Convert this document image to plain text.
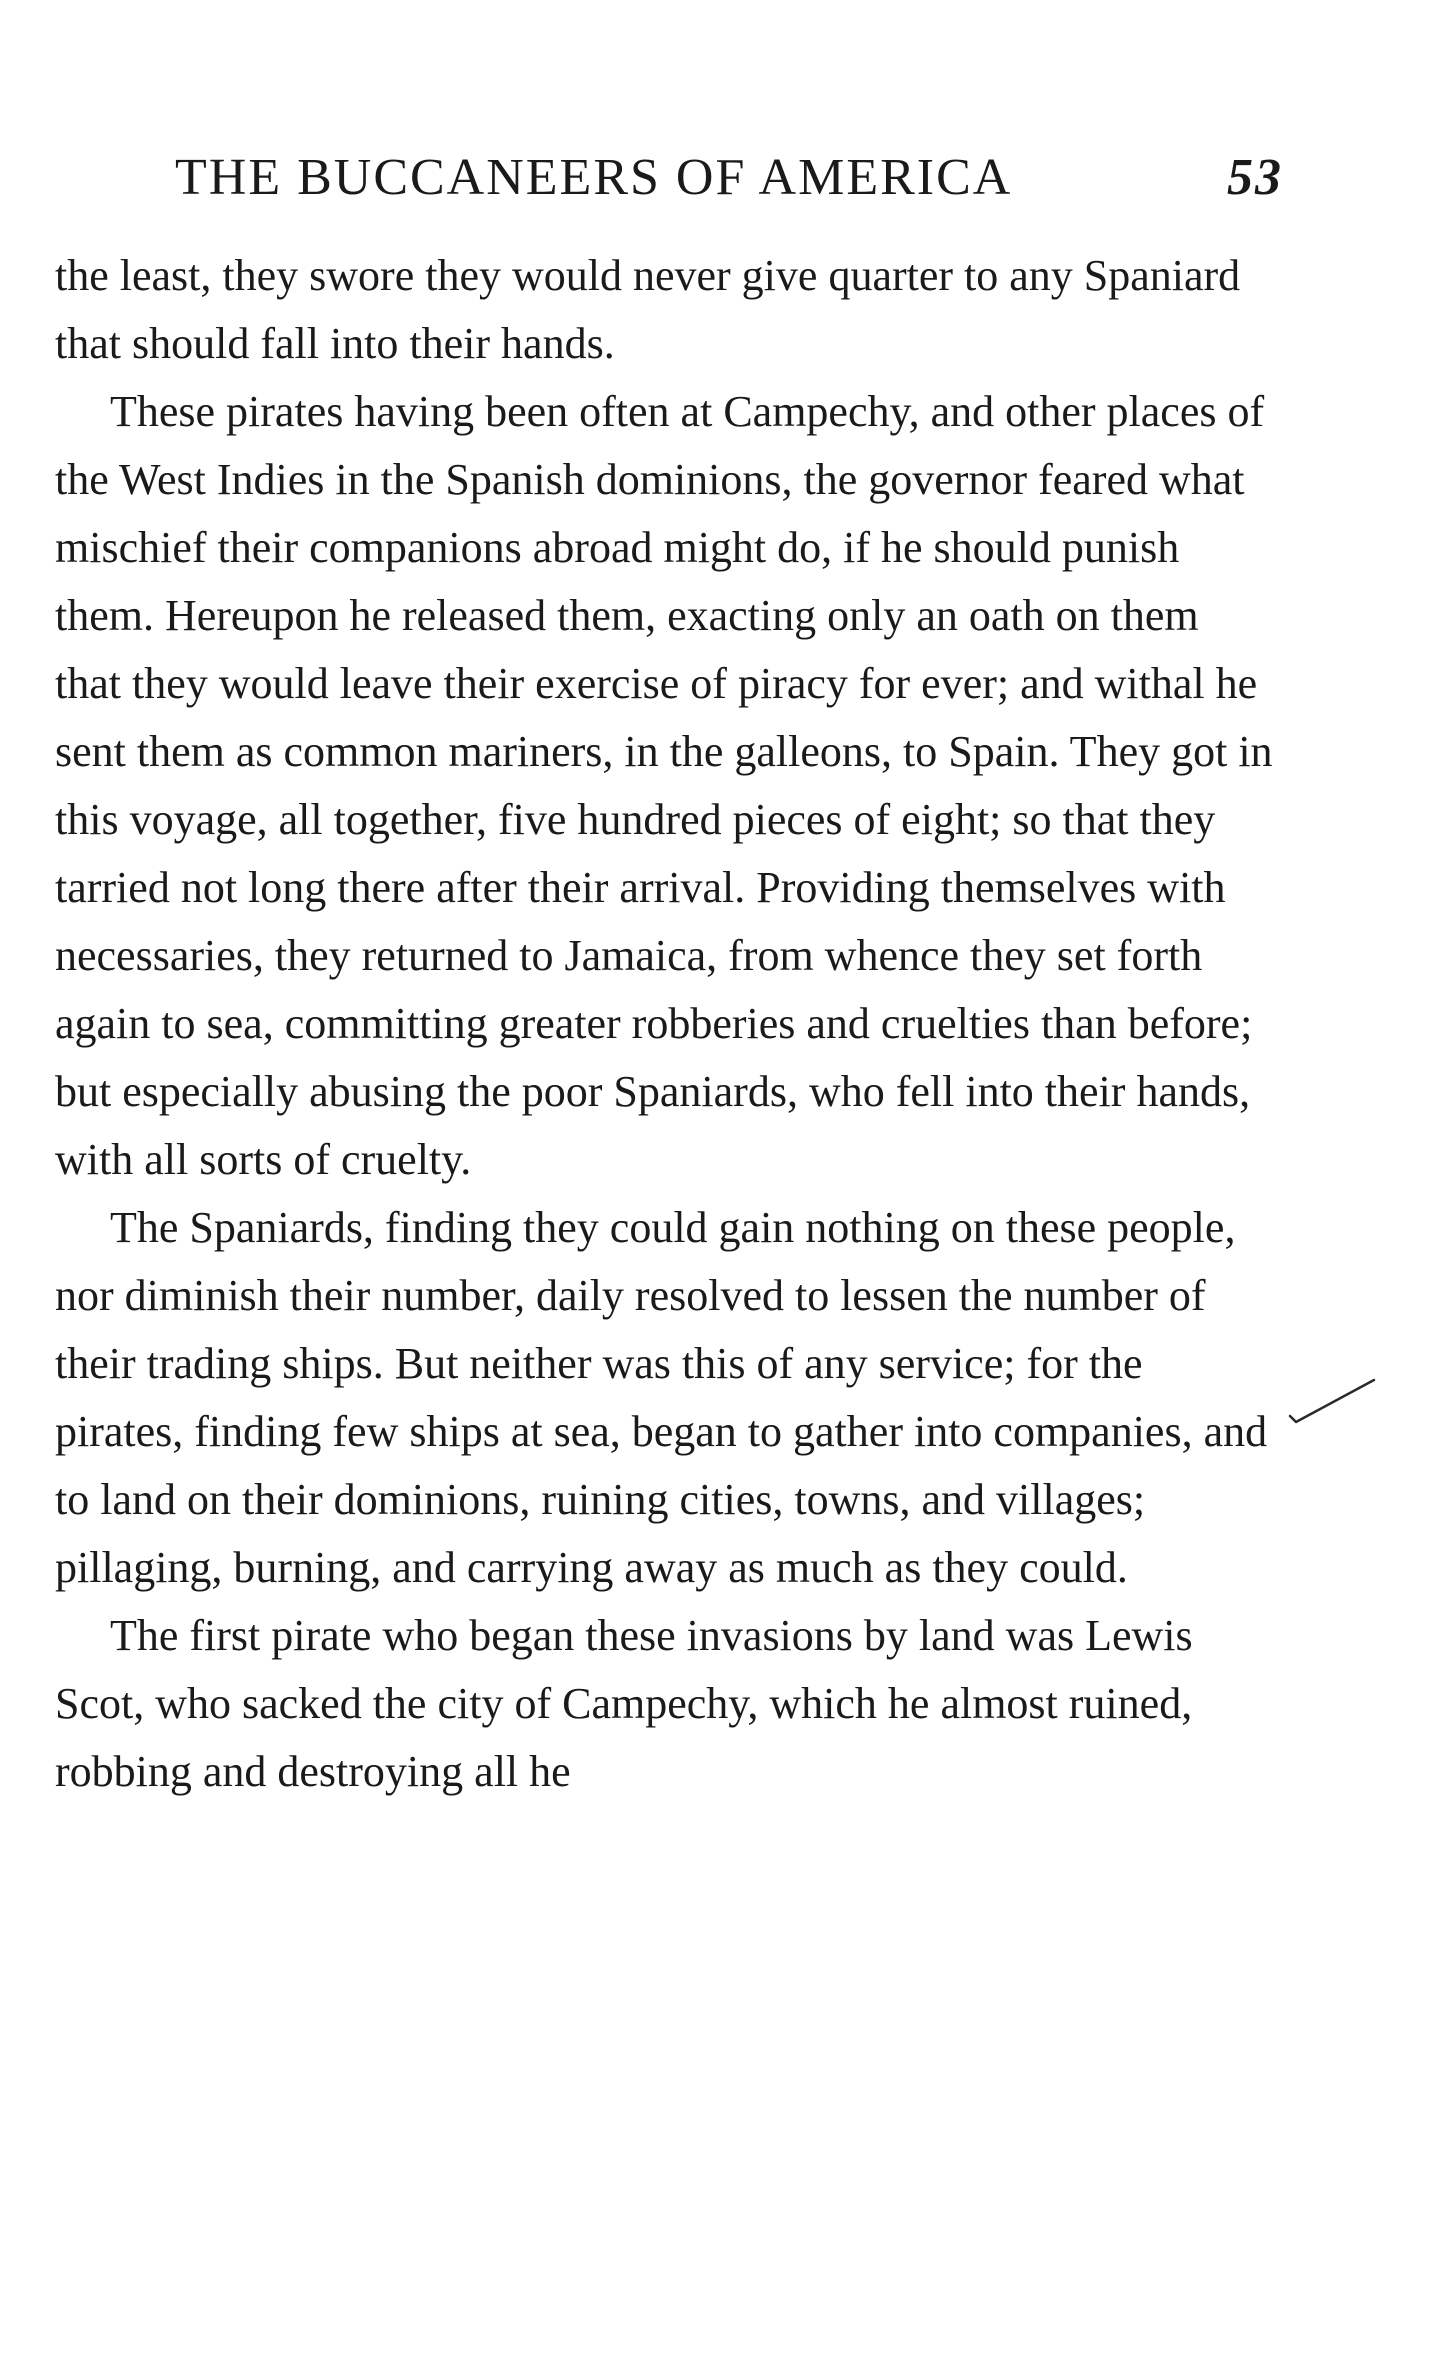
THE BUCCANEERS OF AMERICA	53

the least, they swore they would never give quarter to any Spaniard that should fall into their hands.

These pirates having been often at Campechy, and other places of the West Indies in the Spanish dominions, the governor feared what mischief their companions abroad might do, if he should punish them. Hereupon he released them, exacting only an oath on them that they would leave their exercise of piracy for ever; and withal he sent them as common mariners, in the galleons, to Spain. They got in this voyage, all together, five hundred pieces of eight; so that they tarried not long there after their arrival. Providing themselves with necessaries, they returned to Jamaica, from whence they set forth again to sea, committing greater robberies and cruelties than before; but especially abusing the poor Spaniards, who fell into their hands, with all sorts of cruelty.

The Spaniards, finding they could gain nothing on these people, nor diminish their number, daily resolved to lessen the number of their trading ships. But neither was this of any service; for the pirates, finding few ships at sea, began to gather into companies, and to land on their dominions, ruining cities, towns, and villages; pillaging, burning, and carrying away as much as they could.

The first pirate who began these invasions by land was Lewis Scot, who sacked the city of Campechy, which he almost ruined, robbing and destroying all he
